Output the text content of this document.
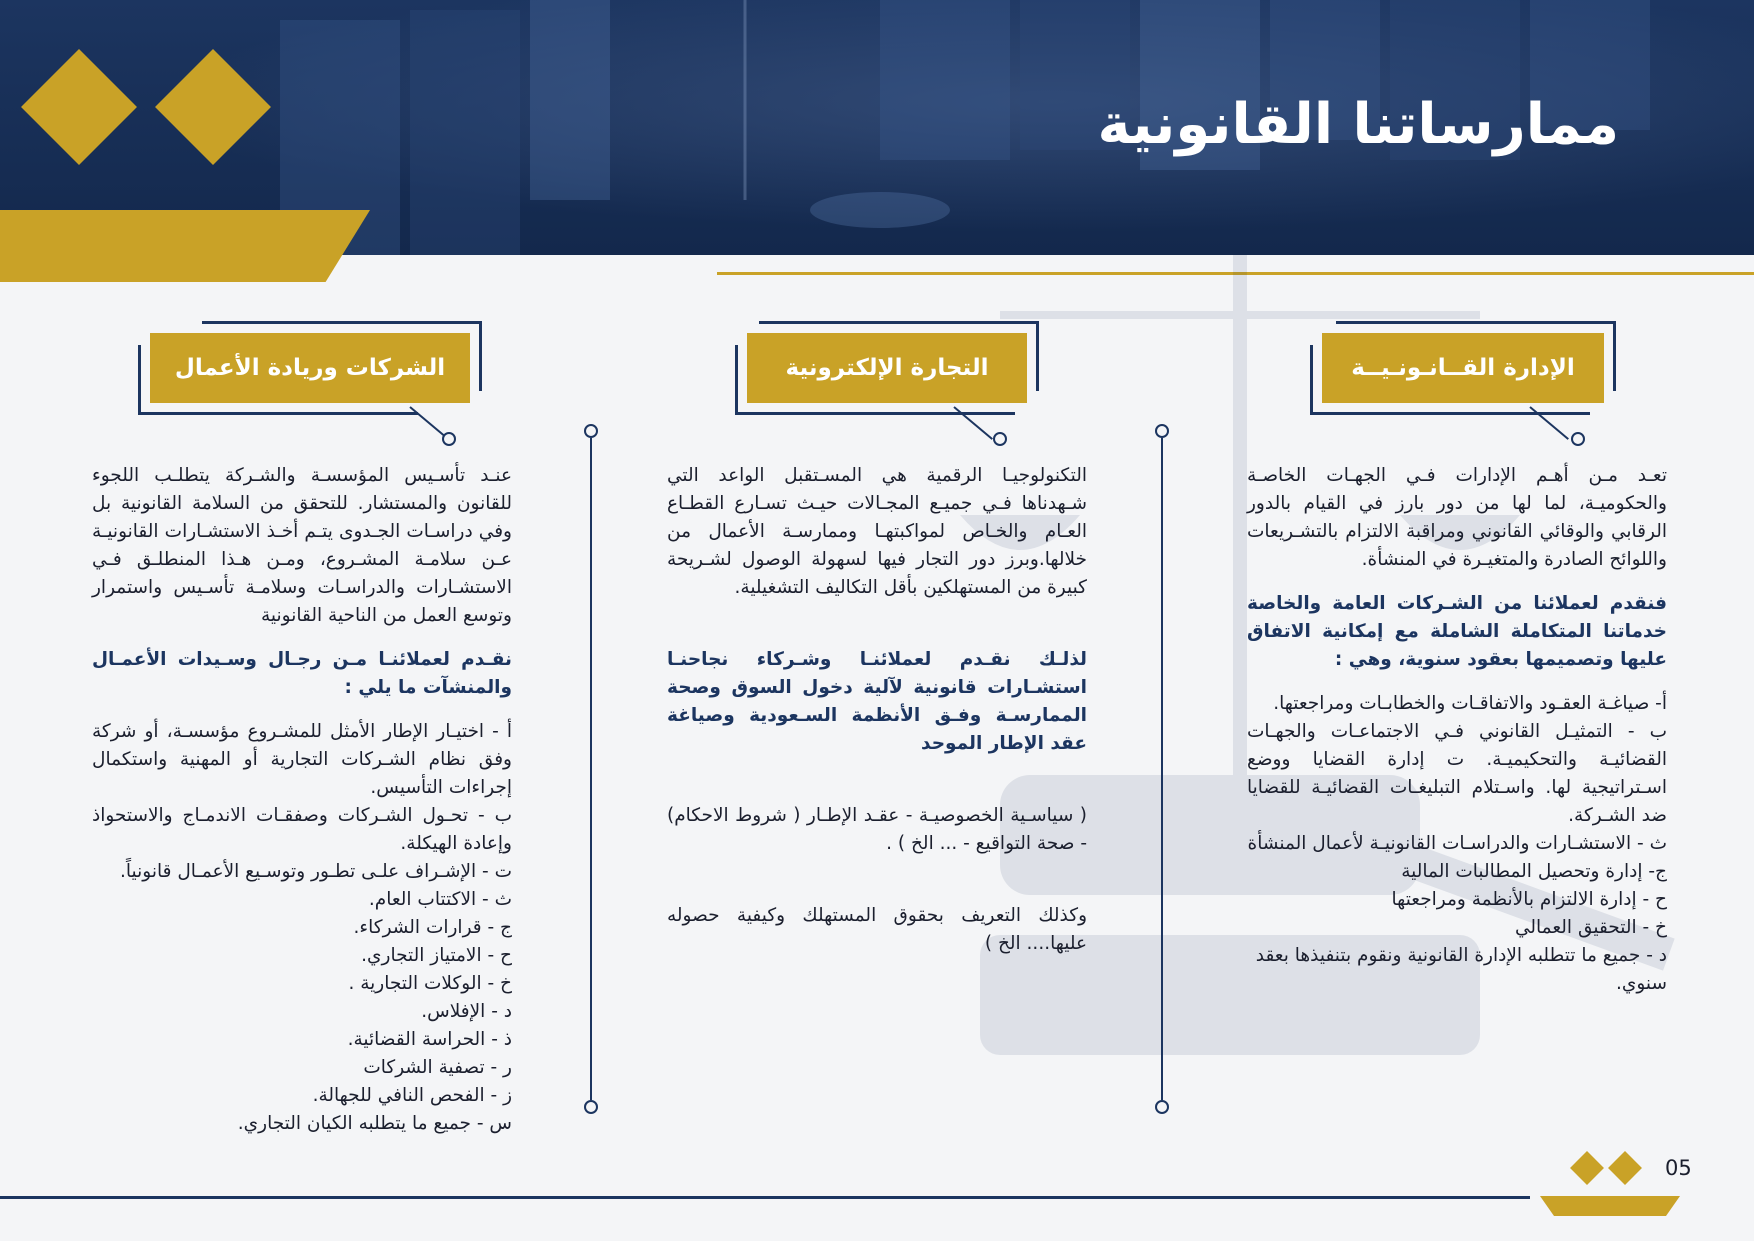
ممارساتنا القانونية
الإدارة القــانـونـيــة
التجارة الإلكترونية
الشركات وريادة الأعمال

تعـد مـن أهـم الإدارات فـي الجهـات الخاصـة والحكوميـة، لما لها من دور بارز في القيام بالدور الرقابي والوقائي القانوني ومراقبة الالتزام بالتشـريعات واللوائح الصادرة والمتغيـرة في المنشأة.

فنقدم لعملائنا من الشـركات العامة والخاصة خدماتنا المتكاملة الشاملة مع إمكانية الاتفاق عليها وتصميمها بعقود سنوية، وهي :

أ- صياغـة العقـود والاتفاقـات والخطابـات ومراجعتها.
ب - التمثيـل القانوني فـي الاجتماعـات والجهـات القضائيـة والتحكيميـة. ت إدارة القضايا ووضع اسـتراتيجية لها. واسـتلام التبليغـات القضائيـة للقضايا ضد الشـركة.
ث - الاستشـارات والدراسـات القانونيـة لأعمال المنشأة
ج- إدارة وتحصيل المطالبات المالية
ح - إدارة الالتزام بالأنظمة ومراجعتها
خ - التحقيق العمالي
د - جميع ما تتطلبه الإدارة القانونية ونقوم بتنفيذها بعقد سنوي.

التكنولوجيـا الرقمية هي المسـتقبل الواعد التي شـهدناها فـي جميـع المجـالات حيـث تسـارع القطـاع العـام والخـاص لمواكبتهـا وممارسـة الأعمال من خلالها.وبرز دور التجار فيها لسهولة الوصول لشـريحة كبيرة من المستهلكين بأقل التكاليف التشغيلية.

لذلـك نقـدم لعملائنـا وشـركاء نجاحنـا استشـارات قانونية لآلية دخول السوق وصحة الممارسـة وفـق الأنظمة السـعودية وصياغة عقد الإطار الموحد

( سياسـية الخصوصيـة - عقـد الإطـار ( شروط الاحكام) - صحة التواقيع - ... الخ ) .

وكذلك التعريف بحقوق المستهلك وكيفية حصوله عليها.... الخ )

عنـد تأسـيس المؤسسـة والشـركة يتطلـب اللجوء للقانون والمستشار. للتحقق من السلامة القانونية بل وفي دراسـات الجـدوى يتـم أخـذ الاستشـارات القانونيـة عـن سلامـة المشـروع، ومـن هـذا المنطلـق فـي الاستشـارات والدراسـات وسلامـة تأسـيس واستمرار وتوسع العمل من الناحية القانونية

نقـدم لعملائنـا مـن رجـال وسـيدات الأعمـال والمنشآت ما يلي :

أ - اختيـار الإطار الأمثل للمشـروع مؤسسـة، أو شركة وفق نظام الشـركات التجارية أو المهنية واستكمال إجراءات التأسيس.
ب - تحـول الشـركات وصفقـات الاندمـاج والاستحواذ وإعادة الهيكلة.
ت - الإشـراف علـى تطـور وتوسـيع الأعمـال قانونياً.
ث - الاكتتاب العام.
ج - قرارات الشركاء.
ح - الامتياز التجاري.
خ - الوكلات التجارية .
د - الإفلاس.
ذ - الحراسة القضائية.
ر - تصفية الشركات
ز - الفحص النافي للجهالة.
س - جميع ما يتطلبه الكيان التجاري.
05
